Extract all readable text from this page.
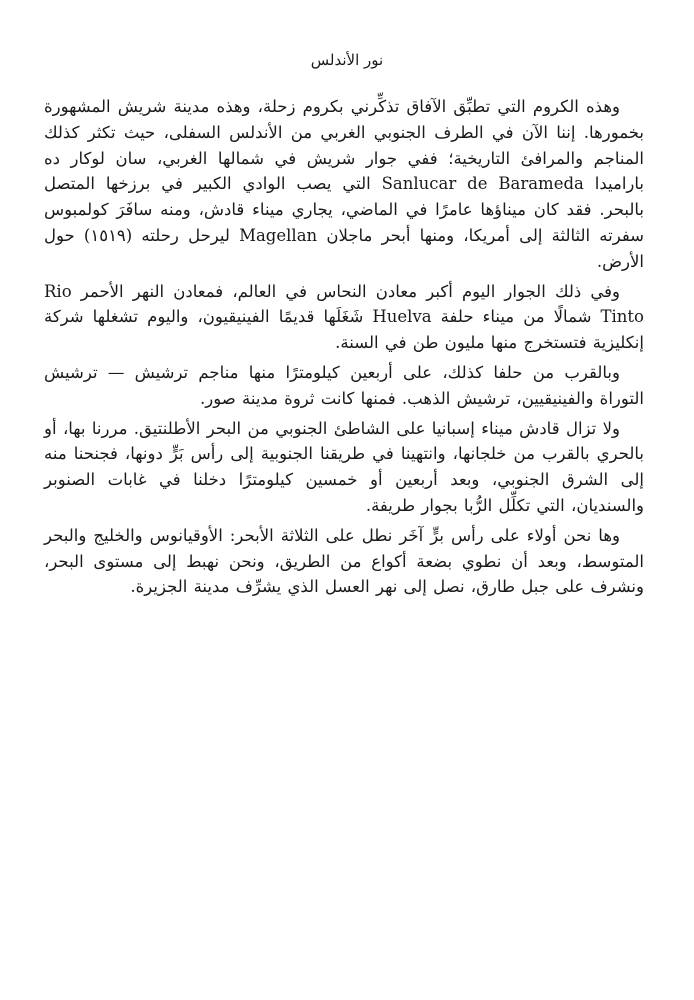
نور الأندلس

وهذه الكروم التي تطبِّق الآفاق تذكِّرني بكروم زحلة، وهذه مدينة شريش المشهورة بخمورها. إننا الآن في الطرف الجنوبي الغربي من الأندلس السفلى، حيث تكثر كذلك المناجم والمرافئ التاريخية؛ ففي جوار شريش في شمالها الغربي، سان لوكار ده باراميدا Sanlucar de Barameda التي يصب الوادي الكبير في برزخها المتصل بالبحر. فقد كان ميناؤها عامرًا في الماضي، يجاري ميناء قادش، ومنه سافَرَ كولمبوس سفرته الثالثة إلى أمريكا، ومنها أبحر ماجلان Magellan ليرحل رحلته (١٥١٩) حول الأرض.

وفي ذلك الجوار اليوم أكبر معادن النحاس في العالم، فمعادن النهر الأحمر Rio Tinto شمالًا من ميناء حلفة Huelva شَغَلَها قديمًا الفينيقيون، واليوم تشغلها شركة إنكليزية فتستخرج منها مليون طن في السنة.

وبالقرب من حلفا كذلك، على أربعين كيلومترًا منها مناجم ترشيش — ترشيش التوراة والفينيقيين، ترشيش الذهب. فمنها كانت ثروة مدينة صور.

ولا تزال قادش ميناء إسبانيا على الشاطئ الجنوبي من البحر الأطلنتيق. مررنا بها، أو بالحري بالقرب من خلجانها، وانتهينا في طريقنا الجنوبية إلى رأس بَرٍّ دونها، فجنحنا منه إلى الشرق الجنوبي، وبعد أربعين أو خمسين كيلومترًا دخلنا في غابات الصنوبر والسنديان، التي تكلِّل الرُّبا بجوار طريفة.

وها نحن أولاء على رأس برٍّ آخَر نطل على الثلاثة الأبحر: الأوقيانوس والخليج والبحر المتوسط، وبعد أن نطوي بضعة أكواع من الطريق، ونحن نهبط إلى مستوى البحر، ونشرف على جبل طارق، نصل إلى نهر العسل الذي يشرِّف مدينة الجزيرة.
